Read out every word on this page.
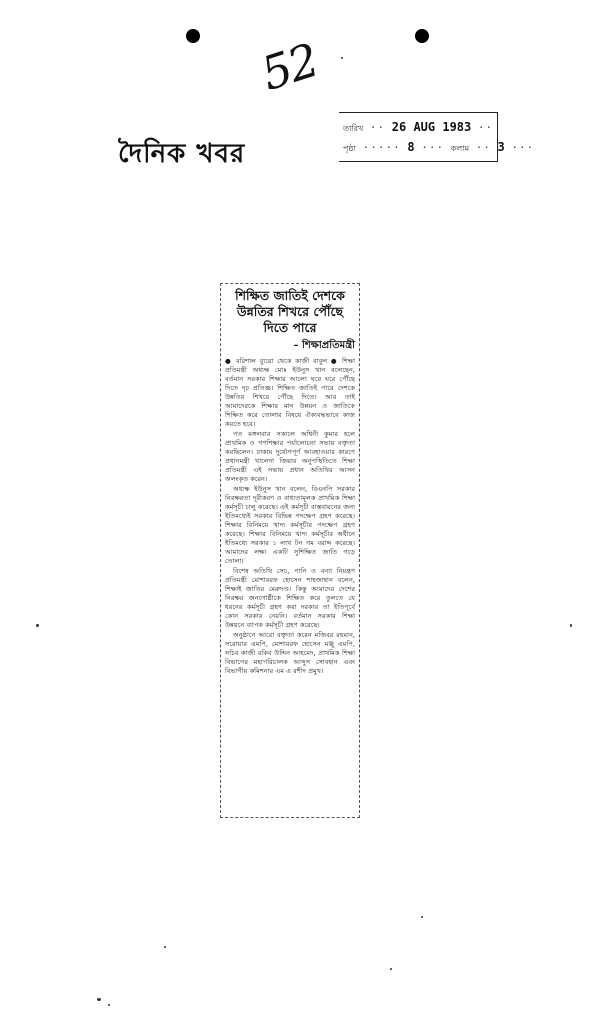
52
দৈনিক খবর
তারিখ ·· 26 AUG 1983 ··
পৃষ্ঠা ····· 8 ··· কলাম ·· 3 ···
শিক্ষিত জাতিই দেশকে উন্নতির শিখরে পৌঁছে দিতে পারে
– শিক্ষাপ্রতিমন্ত্রী

● বরিশাল ব্যুরো থেকে কাজী বাবুল ● শিক্ষা প্রতিমন্ত্রী অধ্যক্ষ মোঃ ইউনুস খান বলেছেন, বর্তমান সরকার শিক্ষার আলো ঘরে ঘরে পৌঁছে দিতে দৃঢ় প্রতিজ্ঞ। শিক্ষিত জাতিই পারে দেশকে উন্নতির শিখরে পৌঁছে দিতে। আর তাই আমাদেরকে শিক্ষার মান উন্নয়ন ও জাতিকে শিক্ষিত করে তোলার বিষয়ে ঐক্যবদ্ধভাবে কাজ করতে হবে।

গত মঙ্গলবার সকালে অশ্বিনী কুমার হলে প্রাথমিক ও গণশিক্ষার পর্যালোচনা সভায় বক্তৃতা করছিলেন। ঢাকায় দুর্যোগপূর্ণ আবহাওয়ার কারণে প্রধানমন্ত্রী খালেদা জিয়ার অনুপস্থিতিতে শিক্ষা প্রতিমন্ত্রী এই সভায় প্রধান অতিথির আসন অলংকৃত করেন।

অধ্যক্ষ ইউনুস খান বলেন, বিএনপি সরকার নিরক্ষরতা দূরীকরণ ও বাধ্যতামূলক প্রাথমিক শিক্ষা কর্মসূচী চালু করেছে। এই কর্মসূচী বাস্তবায়নের জন্য ইতিমধ্যেই সরকার বিভিন্ন পদক্ষেপ গ্রহণ করেছে। শিক্ষার বিনিময়ে খাদ্য কর্মসূচীর পদক্ষেপ গ্রহণ করেছে। শিক্ষার বিনিময়ে খাদ্য কর্মসূচীর অধীনে ইতিমধ্যে সরকার ১ লাখ টন গম বরাদ্দ করেছে। আমাদের লক্ষ্য একটি সুশিক্ষিত জাতি গড়ে তোলা।

বিশেষ অতিথি সেচ, পানি ও বন্যা নিয়ন্ত্রণ প্রতিমন্ত্রী মোশাররফ হোসেন শাহজাহান বলেন, শিক্ষাই জাতির মেরুদণ্ড। কিন্তু আমাদের দেশের নিরক্ষর জনগোষ্ঠীকে শিক্ষিত করে তুলতে যে ধরনের কর্মসূচী গ্রহণ করা দরকার তা ইতিপূর্বে কোন সরকার নেয়নি। বর্তমান সরকার শিক্ষা উন্নয়নে ব্যাপক কর্মসূচী গ্রহণ করেছে।

অনুষ্ঠানে আরো বক্তৃতা করেন মজিবর রহমান, সরোয়ার এমপি, মোশাররফ হোসেন মঞ্জু এমপি, সচিব কাজী রকিব উদ্দিন আহমেদ, প্রাথমিক শিক্ষা বিভাগের মহাপরিচালক আব্দুস সোবহান এবং বিভাগীয় কমিশনার এম এ রশীদ প্রমুখ।
